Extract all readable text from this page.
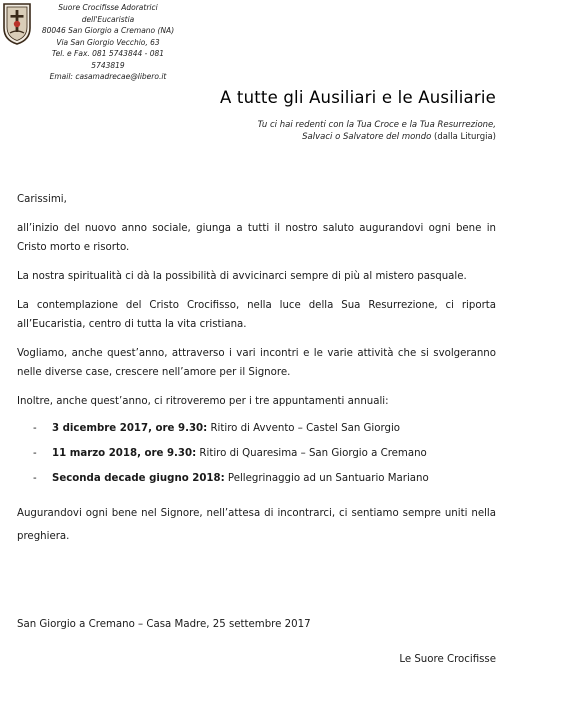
Suore Crocifisse Adoratrici dell'Eucaristia
80046 San Giorgio a Cremano (NA)
Via San Giorgio Vecchio, 63
Tel. e Fax. 081 5743844 - 081 5743819
Email: casamadrecae@libero.it
A tutte gli Ausiliari e le Ausiliarie
Tu ci hai redenti con la Tua Croce e la Tua Resurrezione,
Salvaci o Salvatore del mondo (dalla Liturgia)

Carissimi,

all’inizio del nuovo anno sociale, giunga a tutti il nostro saluto augurandovi ogni bene in Cristo morto e risorto.

La nostra spiritualità ci dà la possibilità di avvicinarci sempre di più al mistero pasquale.

La contemplazione del Cristo Crocifisso, nella luce della Sua Resurrezione, ci riporta all’Eucaristia, centro di tutta la vita cristiana.

Vogliamo, anche quest’anno, attraverso i vari incontri e le varie attività che si svolgeranno nelle diverse case, crescere nell’amore per il Signore.

Inoltre, anche quest’anno, ci ritroveremo per i tre appuntamenti annuali:

- 3 dicembre 2017, ore 9.30: Ritiro di Avvento – Castel San Giorgio
- 11 marzo 2018, ore 9.30: Ritiro di Quaresima – San Giorgio a Cremano
- Seconda decade giugno 2018: Pellegrinaggio ad un Santuario Mariano

Augurandovi ogni bene nel Signore, nell’attesa di incontrarci, ci sentiamo sempre uniti nella preghiera.

San Giorgio a Cremano – Casa Madre, 25 settembre 2017
Le Suore Crocifisse
